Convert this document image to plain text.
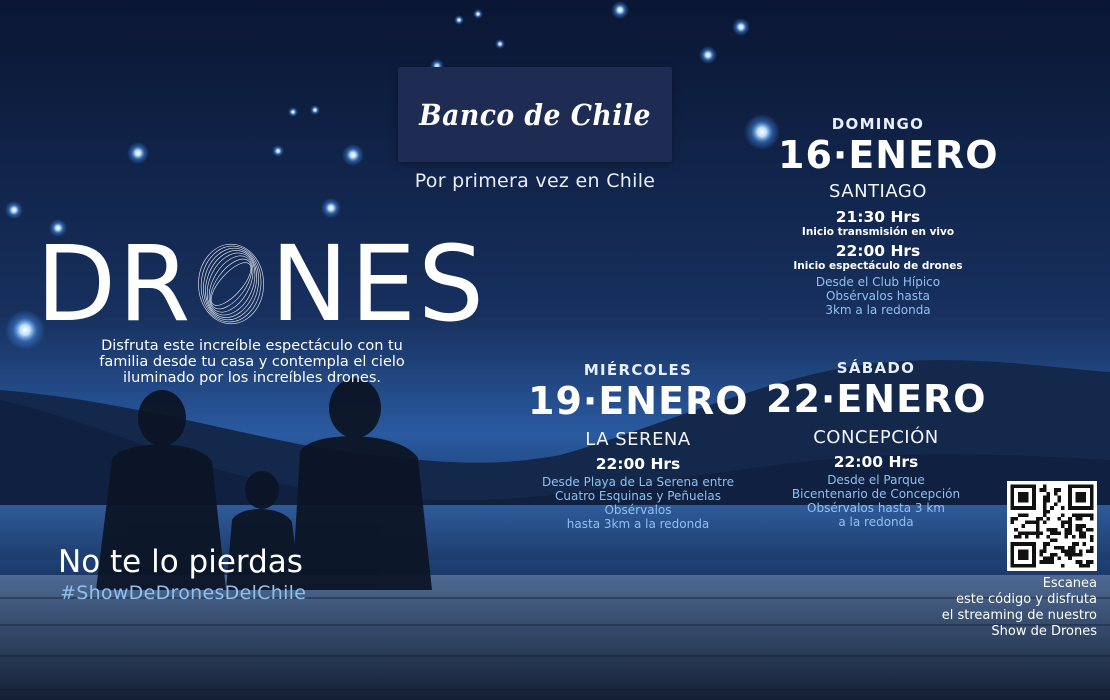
Banco de Chile
Por primera vez en Chile
DR NES
Disfruta este increíble espectáculo con tu
familia desde tu casa y contempla el cielo
iluminado por los increíbles drones.
DOMINGO
16·ENERO
SANTIAGO
21:30 Hrs
Inicio transmisión en vivo
22:00 Hrs
Inicio espectáculo de drones
Desde el Club Hípico
Obsérvalos hasta
3km a la redonda
MIÉRCOLES
19·ENERO
LA SERENA
22:00 Hrs
Desde Playa de La Serena entre
Cuatro Esquinas y Peñuelas
Obsérvalos
hasta 3km a la redonda
SÁBADO
22·ENERO
CONCEPCIÓN
22:00 Hrs
Desde el Parque
Bicentenario de Concepción
Obsérvalos hasta 3 km
a la redonda
No te lo pierdas
#ShowDeDronesDelChile	Escanea
este código y disfruta
el streaming de nuestro
Show de Drones
